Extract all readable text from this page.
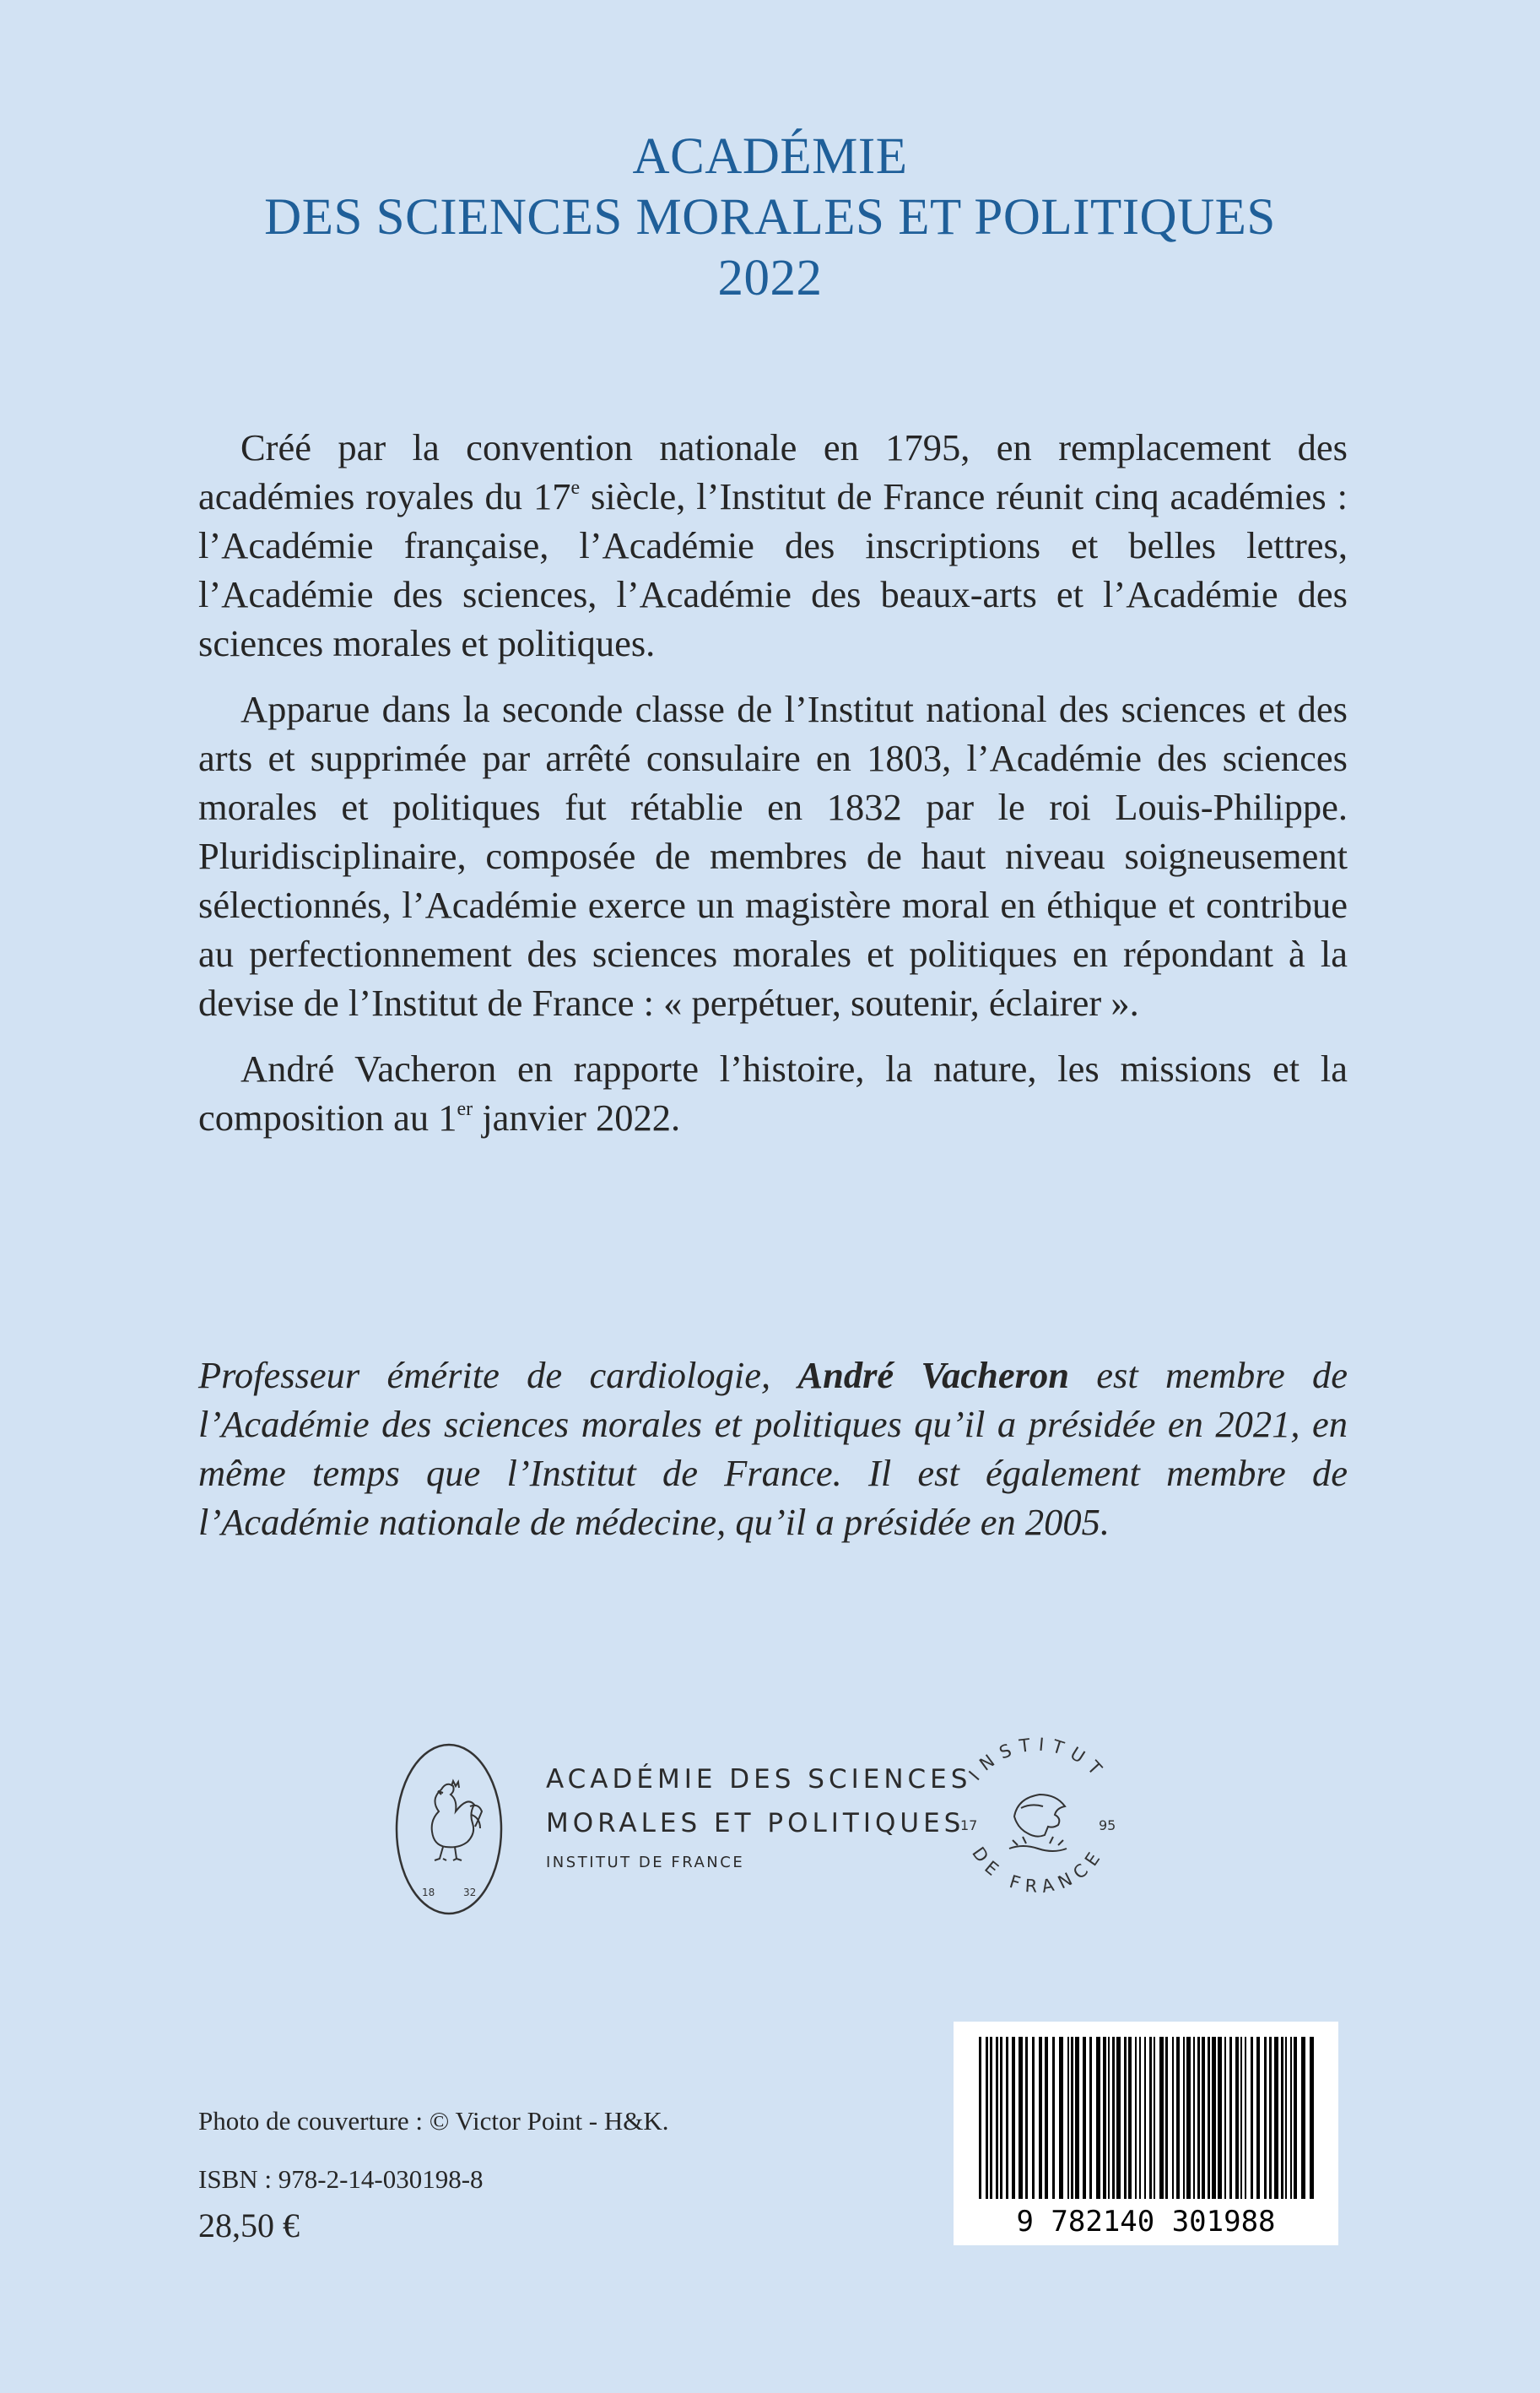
ACADÉMIE
DES SCIENCES MORALES ET POLITIQUES
2022

Créé par la convention nationale en 1795, en remplacement des académies royales du 17e siècle, l’Institut de France réunit cinq académies : l’Académie française, l’Académie des inscriptions et belles lettres, l’Académie des sciences, l’Académie des beaux-arts et l’Académie des sciences morales et politiques.

Apparue dans la seconde classe de l’Institut national des sciences et des arts et supprimée par arrêté consulaire en 1803, l’Académie des sciences morales et politiques fut rétablie en 1832 par le roi Louis-Philippe. Pluridisciplinaire, composée de membres de haut niveau soigneusement sélectionnés, l’Académie exerce un magistère moral en éthique et contribue au perfectionnement des sciences morales et politiques en répondant à la devise de l’Institut de France : « perpétuer, soutenir, éclairer ».

André Vacheron en rapporte l’histoire, la nature, les missions et la composition au 1er janvier 2022.

Professeur émérite de cardiologie, André Vacheron est membre de l’Académie des sciences morales et politiques qu’il a présidée en 2021, en même temps que l’Institut de France. Il est également membre de l’Académie nationale de médecine, qu’il a présidée en 2005.
18	32
ACADÉMIE DES SCIENCES
MORALES ET POLITIQUES
INSTITUT DE FRANCE
INSTITUT
DE FRANCE
17	95
9 782140 301988
Photo de couverture : © Victor Point - H&K.
ISBN : 978-2-14-030198-8
28,50 €
